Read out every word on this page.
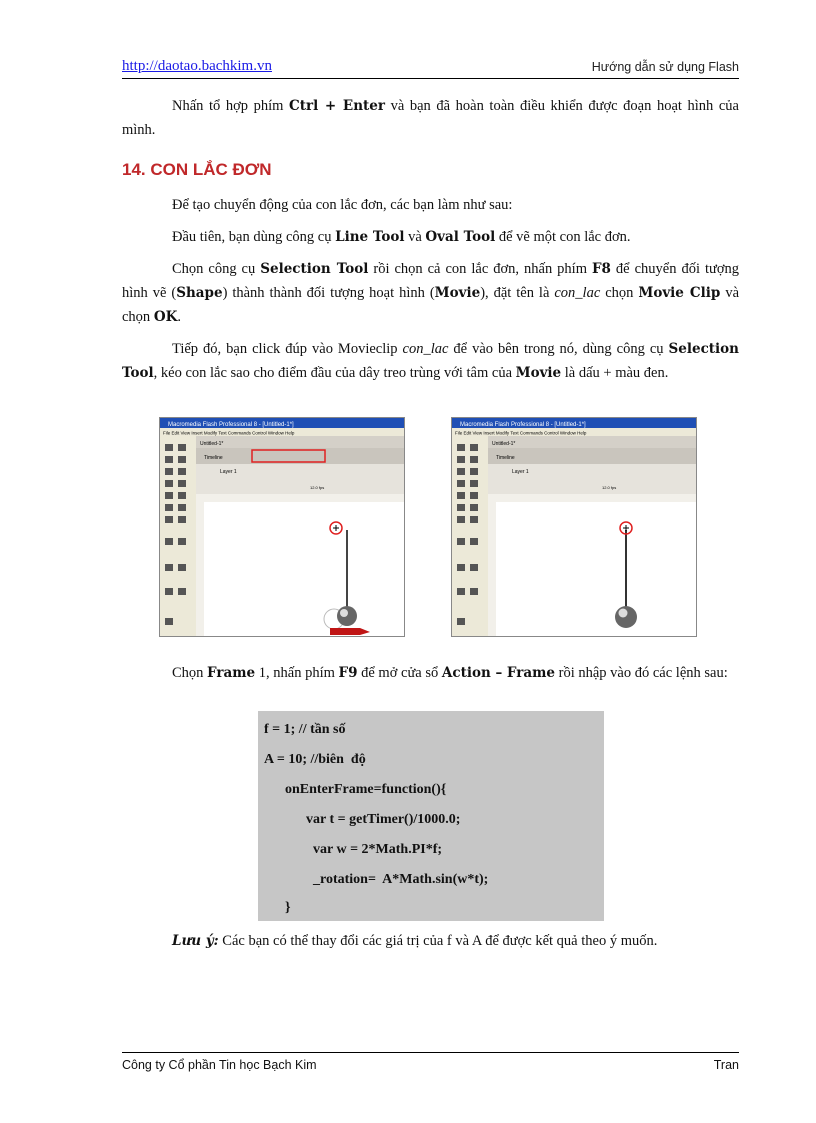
http://daotao.bachkim.vn	Hướng dẫn sử dụng Flash
Nhấn tổ hợp phím Ctrl + Enter và bạn đã hoàn toàn điều khiển được đoạn hoạt hình của mình.
14. CON LẮC ĐƠN
Để tạo chuyển động của con lắc đơn, các bạn làm như sau:
Đầu tiên, bạn dùng công cụ Line Tool và Oval Tool để vẽ một con lắc đơn.
Chọn công cụ Selection Tool rồi chọn cả con lắc đơn, nhấn phím F8 để chuyển đối tượng hình vẽ (Shape) thành thành đối tượng hoạt hình (Movie), đặt tên là con_lac chọn Movie Clip và chọn OK.
Tiếp đó, bạn click đúp vào Movieclip con_lac để vào bên trong nó, dùng công cụ Selection Tool, kéo con lắc sao cho điểm đầu của dây treo trùng với tâm của Movie là dấu + màu đen.
Macromedia Flash Professional 8 - [Untitled-1*]
File Edit View Insert Modify Text Commands Control Window Help
Untitled-1*
Timeline
Layer 1
12.0 fps
Macromedia Flash Professional 8 - [Untitled-1*]
File Edit View Insert Modify Text Commands Control Window Help
Untitled-1*
Timeline
Layer 1
12.0 fps
Chọn Frame 1, nhấn phím F9 để mở cửa sổ Action – Frame rồi nhập vào đó các lệnh sau:
f = 1; // tần số
A = 10; //biên  độ
onEnterFrame=function(){
var t = getTimer()/1000.0;
var w = 2*Math.PI*f;
_rotation=  A*Math.sin(w*t);
}
Lưu ý: Các bạn có thể thay đổi các giá trị của f và A để được kết quả theo ý muốn.
Công ty Cổ phần Tin học Bạch Kim	Tran
